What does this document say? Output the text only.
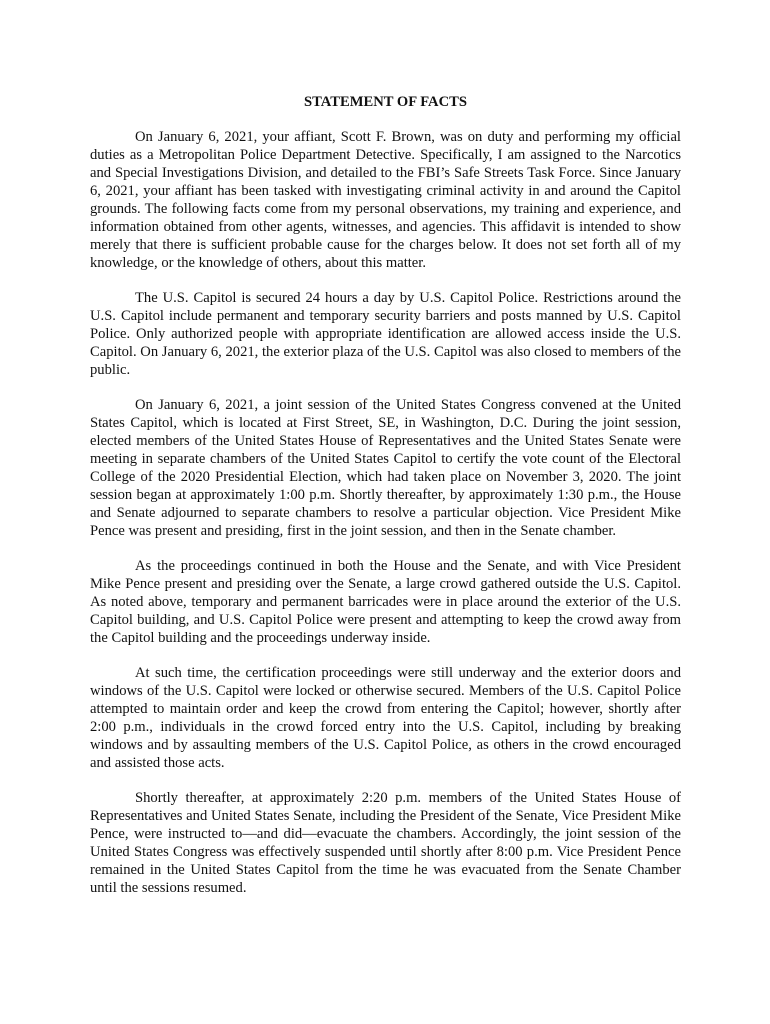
STATEMENT OF FACTS

On January 6, 2021, your affiant, Scott F. Brown, was on duty and performing my official duties as a Metropolitan Police Department Detective. Specifically, I am assigned to the Narcotics and Special Investigations Division, and detailed to the FBI’s Safe Streets Task Force. Since January 6, 2021, your affiant has been tasked with investigating criminal activity in and around the Capitol grounds. The following facts come from my personal observations, my training and experience, and information obtained from other agents, witnesses, and agencies. This affidavit is intended to show merely that there is sufficient probable cause for the charges below. It does not set forth all of my knowledge, or the knowledge of others, about this matter.

The U.S. Capitol is secured 24 hours a day by U.S. Capitol Police. Restrictions around the U.S. Capitol include permanent and temporary security barriers and posts manned by U.S. Capitol Police. Only authorized people with appropriate identification are allowed access inside the U.S. Capitol. On January 6, 2021, the exterior plaza of the U.S. Capitol was also closed to members of the public.

On January 6, 2021, a joint session of the United States Congress convened at the United States Capitol, which is located at First Street, SE, in Washington, D.C. During the joint session, elected members of the United States House of Representatives and the United States Senate were meeting in separate chambers of the United States Capitol to certify the vote count of the Electoral College of the 2020 Presidential Election, which had taken place on November 3, 2020. The joint session began at approximately 1:00 p.m. Shortly thereafter, by approximately 1:30 p.m., the House and Senate adjourned to separate chambers to resolve a particular objection. Vice President Mike Pence was present and presiding, first in the joint session, and then in the Senate chamber.

As the proceedings continued in both the House and the Senate, and with Vice President Mike Pence present and presiding over the Senate, a large crowd gathered outside the U.S. Capitol. As noted above, temporary and permanent barricades were in place around the exterior of the U.S. Capitol building, and U.S. Capitol Police were present and attempting to keep the crowd away from the Capitol building and the proceedings underway inside.

At such time, the certification proceedings were still underway and the exterior doors and windows of the U.S. Capitol were locked or otherwise secured. Members of the U.S. Capitol Police attempted to maintain order and keep the crowd from entering the Capitol; however, shortly after 2:00 p.m., individuals in the crowd forced entry into the U.S. Capitol, including by breaking windows and by assaulting members of the U.S. Capitol Police, as others in the crowd encouraged and assisted those acts.

Shortly thereafter, at approximately 2:20 p.m. members of the United States House of Representatives and United States Senate, including the President of the Senate, Vice President Mike Pence, were instructed to—and did—evacuate the chambers. Accordingly, the joint session of the United States Congress was effectively suspended until shortly after 8:00 p.m. Vice President Pence remained in the United States Capitol from the time he was evacuated from the Senate Chamber until the sessions resumed.
